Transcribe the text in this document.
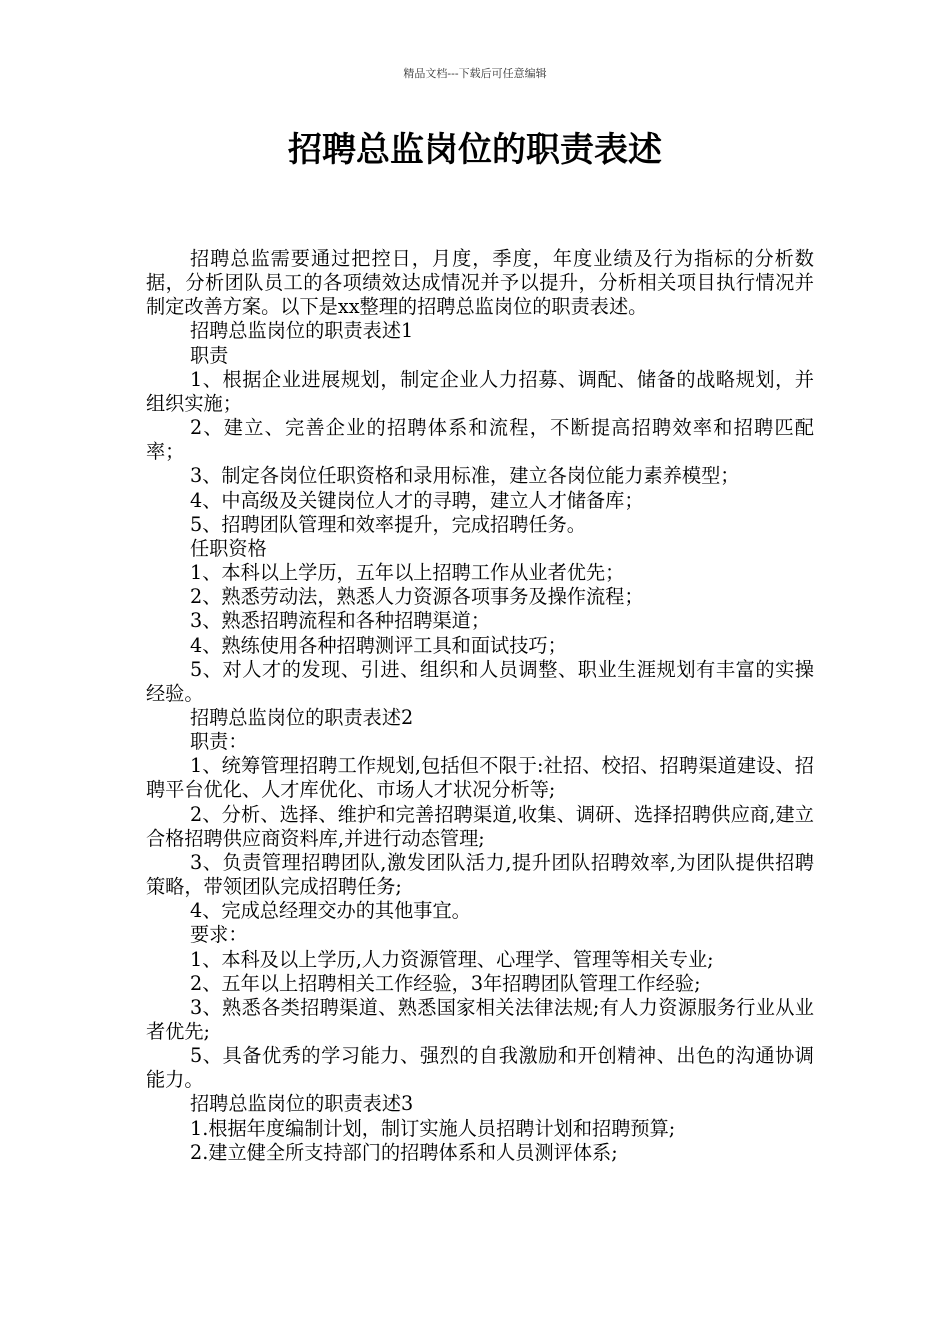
精品文档---下载后可任意编辑
招聘总监岗位的职责表述

招聘总监需要通过把控日，月度，季度，年度业绩及行为指标的分析数据，分析团队员工的各项绩效达成情况并予以提升，分析相关项目执行情况并制定改善方案。以下是xx整理的招聘总监岗位的职责表述。

招聘总监岗位的职责表述1

职责

1、根据企业进展规划，制定企业人力招募、调配、储备的战略规划，并组织实施；

2、建立、完善企业的招聘体系和流程，不断提高招聘效率和招聘匹配率；

3、制定各岗位任职资格和录用标准，建立各岗位能力素养模型；

4、中高级及关键岗位人才的寻聘，建立人才储备库；

5、招聘团队管理和效率提升，完成招聘任务。

任职资格

1、本科以上学历，五年以上招聘工作从业者优先；

2、熟悉劳动法，熟悉人力资源各项事务及操作流程；

3、熟悉招聘流程和各种招聘渠道；

4、熟练使用各种招聘测评工具和面试技巧；

5、对人才的发现、引进、组织和人员调整、职业生涯规划有丰富的实操经验。

招聘总监岗位的职责表述2

职责：

1、统筹管理招聘工作规划,包括但不限于:社招、校招、招聘渠道建设、招聘平台优化、人才库优化、市场人才状况分析等;

2、分析、选择、维护和完善招聘渠道,收集、调研、选择招聘供应商,建立合格招聘供应商资料库,并进行动态管理;

3、负责管理招聘团队,激发团队活力,提升团队招聘效率,为团队提供招聘策略，带领团队完成招聘任务;

4、完成总经理交办的其他事宜。

要求：

1、本科及以上学历,人力资源管理、心理学、管理等相关专业;

2、五年以上招聘相关工作经验，3年招聘团队管理工作经验;

3、熟悉各类招聘渠道、熟悉国家相关法律法规;有人力资源服务行业从业者优先;

5、具备优秀的学习能力、强烈的自我激励和开创精神、出色的沟通协调能力。

招聘总监岗位的职责表述3

1.根据年度编制计划，制订实施人员招聘计划和招聘预算;

2.建立健全所支持部门的招聘体系和人员测评体系;
